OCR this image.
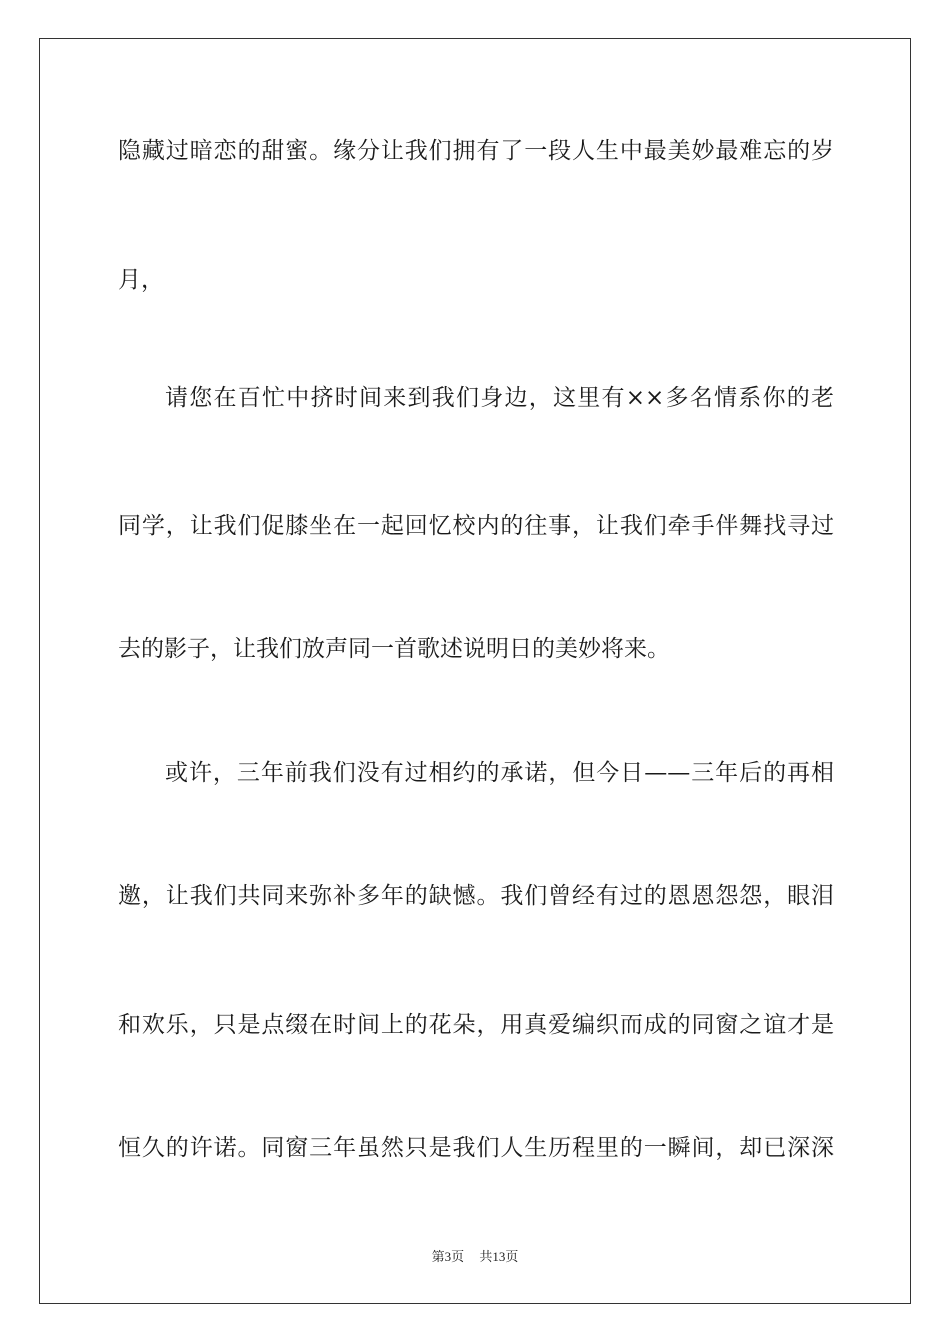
隐藏过暗恋的甜蜜。缘分让我们拥有了一段人生中最美妙最难忘的岁
月，
请您在百忙中挤时间来到我们身边，这里有××多名情系你的老
同学，让我们促膝坐在一起回忆校内的往事，让我们牵手伴舞找寻过
去的影子，让我们放声同一首歌述说明日的美妙将来。
或许，三年前我们没有过相约的承诺，但今日——三年后的再相
邀，让我们共同来弥补多年的缺憾。我们曾经有过的恩恩怨怨，眼泪
和欢乐，只是点缀在时间上的花朵，用真爱编织而成的同窗之谊才是
恒久的许诺。同窗三年虽然只是我们人生历程里的一瞬间，却已深深
第3页 共13页
